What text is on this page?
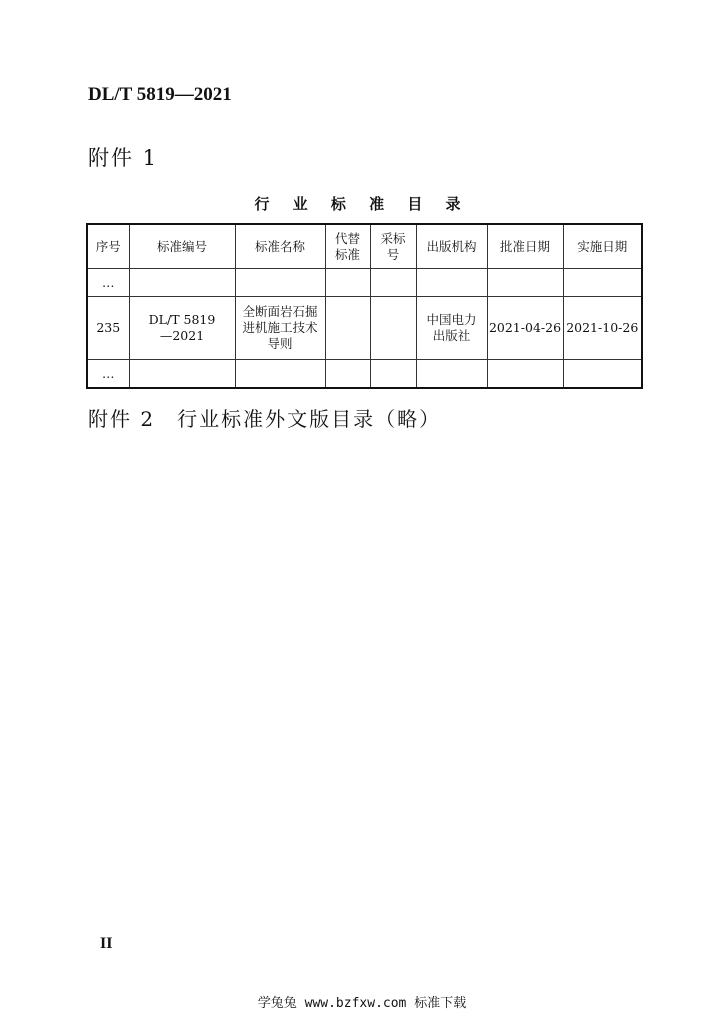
DL/T 5819—2021
附件 1
行 业 标 准 目 录
序号	标准编号	标准名称	代替标准	采标号	出版机构	批准日期	实施日期
…							
235	DL/T 5819—2021	全断面岩石掘进机施工技术导则			中国电力出版社	2021-04-26	2021-10-26
…							
附件 2　行业标准外文版目录（略）
II
学兔兔 www.bzfxw.com 标准下载
